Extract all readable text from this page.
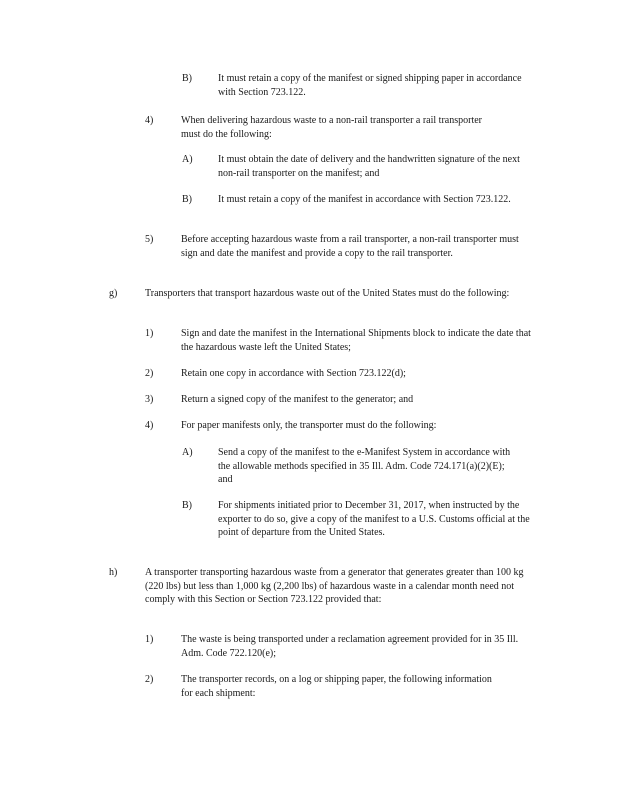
B)	It must retain a copy of the manifest or signed shipping paper in accordance with Section 723.122.
4)	When delivering hazardous waste to a non-rail transporter a rail transporter must do the following:
A)	It must obtain the date of delivery and the handwritten signature of the next non-rail transporter on the manifest; and
B)	It must retain a copy of the manifest in accordance with Section 723.122.
5)	Before accepting hazardous waste from a rail transporter, a non-rail transporter must sign and date the manifest and provide a copy to the rail transporter.
g)	Transporters that transport hazardous waste out of the United States must do the following:
1)	Sign and date the manifest in the International Shipments block to indicate the date that the hazardous waste left the United States;
2)	Retain one copy in accordance with Section 723.122(d);
3)	Return a signed copy of the manifest to the generator; and
4)	For paper manifests only, the transporter must do the following:
A)	Send a copy of the manifest to the e-Manifest System in accordance with the allowable methods specified in 35 Ill. Adm. Code 724.171(a)(2)(E); and
B)	For shipments initiated prior to December 31, 2017, when instructed by the exporter to do so, give a copy of the manifest to a U.S. Customs official at the point of departure from the United States.
h)	A transporter transporting hazardous waste from a generator that generates greater than 100 kg (220 lbs) but less than 1,000 kg (2,200 lbs) of hazardous waste in a calendar month need not comply with this Section or Section 723.122 provided that:
1)	The waste is being transported under a reclamation agreement provided for in 35 Ill. Adm. Code 722.120(e);
2)	The transporter records, on a log or shipping paper, the following information for each shipment:
